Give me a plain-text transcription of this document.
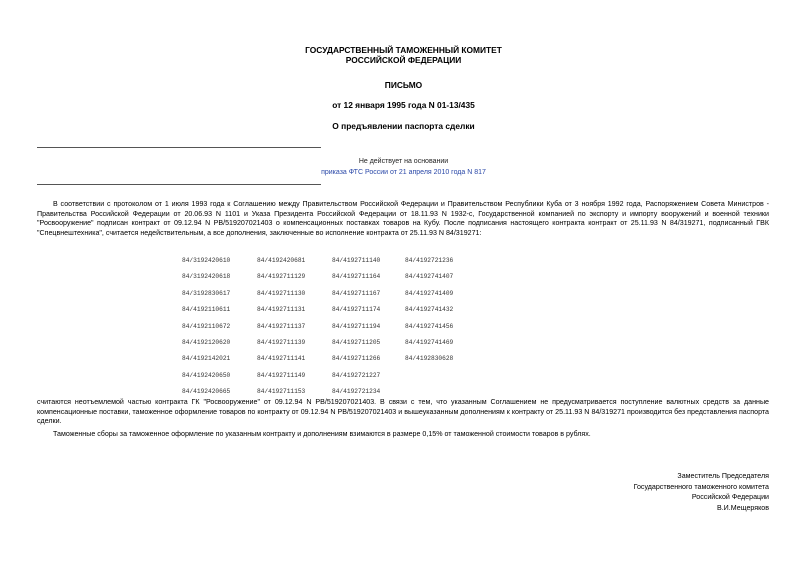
ГОСУДАРСТВЕННЫЙ ТАМОЖЕННЫЙ КОМИТЕТ
РОССИЙСКОЙ ФЕДЕРАЦИИ
ПИСЬМО
от 12 января 1995 года N 01-13/435
О предъявлении паспорта сделки
Не действует на основании
приказа ФТС России от 21 апреля 2010 года N 817
В соответствии с протоколом от 1 июля 1993 года к Соглашению между Правительством Российской Федерации и Правительством Республики Куба от 3 ноября 1992 года, Распоряжением Совета Министров - Правительства Российской Федерации от 20.06.93 N 1101 и Указа Президента Российской Федерации от 18.11.93 N 1932-с, Государственной компанией по экспорту и импорту вооружений и военной техники "Росвооружение" подписан контракт от 09.12.94 N PB/519207021403 о компенсационных поставках товаров на Кубу. После подписания настоящего контракта контракт от 25.11.93 N 84/319271, подписанный ГВК "Спецвнештехника", считается недействительным, а все дополнения, заключенные во исполнение контракта от 25.11.93 N 84/319271:
84/3192420610
84/3192420618
84/3192830617
84/4192110611
84/4192110672
84/4192120620
84/4192142021
84/4192420650
84/4192420665
84/4192420681
84/4192711129
84/4192711130
84/4192711131
84/4192711137
84/4192711139
84/4192711141
84/4192711149
84/4192711153
84/4192711140
84/4192711164
84/4192711167
84/4192711174
84/4192711194
84/4192711205
84/4192711266
84/4192721227
84/4192721234
84/4192721236
84/4192741407
84/4192741409
84/4192741432
84/4192741456
84/4192741469
84/4192830628
считаются неотъемлемой частью контракта ГК "Росвооружение" от 09.12.94 N PB/519207021403. В связи с тем, что указанным Соглашением не предусматривается поступление валютных средств за данные компенсационные поставки, таможенное оформление товаров по контракту от 09.12.94 N PB/519207021403 и вышеуказанным дополнениям к контракту от 25.11.93 N 84/319271 производится без представления паспорта сделки.
Таможенные сборы за таможенное оформление по указанным контракту и дополнениям взимаются в размере 0,15% от таможенной стоимости товаров в рублях.
Заместитель Председателя
Государственного таможенного комитета
Российской Федерации
В.И.Мещеряков
